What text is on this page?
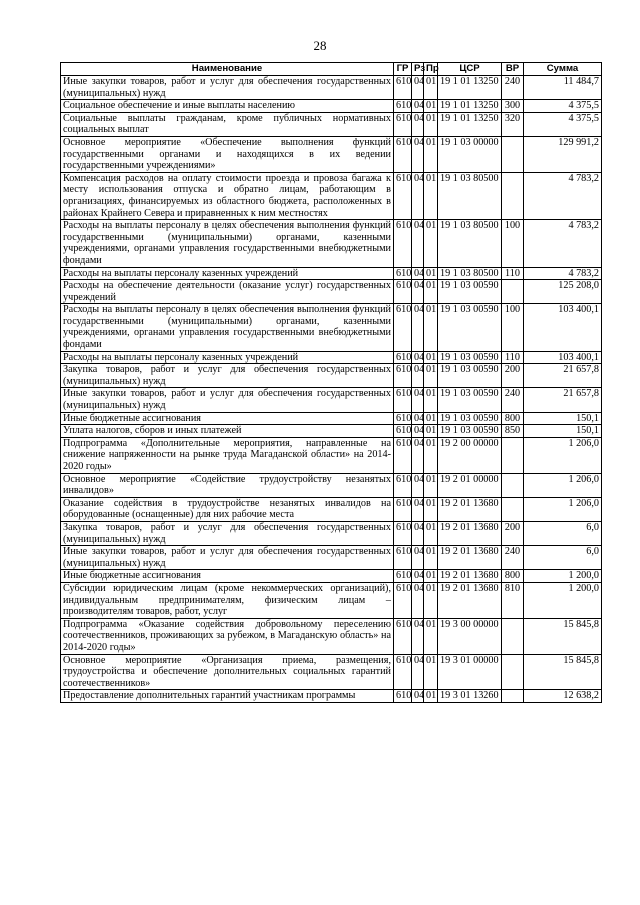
28
Наименование	ГР	Рз	Пр	ЦСР	ВР	Сумма
Иные закупки товаров, работ и услуг для обеспечения государственных (муниципальных) нужд	610	04	01	19 1 01 13250	240	11 484,7
Социальное обеспечение и иные выплаты населению	610	04	01	19 1 01 13250	300	4 375,5
Социальные выплаты гражданам, кроме публичных нормативных социальных выплат	610	04	01	19 1 01 13250	320	4 375,5
Основное мероприятие «Обеспечение выполнения функций государственными органами и находящихся в их ведении государственными учреждениями»	610	04	01	19 1 03 00000		129 991,2
Компенсация расходов на оплату стоимости проезда и провоза багажа к месту использования отпуска и обратно лицам, работающим в организациях, финансируемых из областного бюджета, расположенных в районах Крайнего Севера и приравненных к ним местностях	610	04	01	19 1 03 80500		4 783,2
Расходы на выплаты персоналу в целях обеспечения выполнения функций государственными (муниципальными) органами, казенными учреждениями, органами управления государственными внебюджетными фондами	610	04	01	19 1 03 80500	100	4 783,2
Расходы на выплаты персоналу казенных учреждений	610	04	01	19 1 03 80500	110	4 783,2
Расходы на обеспечение деятельности (оказание услуг) государственных учреждений	610	04	01	19 1 03 00590		125 208,0
Расходы на выплаты персоналу в целях обеспечения выполнения функций государственными (муниципальными) органами, казенными учреждениями, органами управления государственными внебюджетными фондами	610	04	01	19 1 03 00590	100	103 400,1
Расходы на выплаты персоналу казенных учреждений	610	04	01	19 1 03 00590	110	103 400,1
Закупка товаров, работ и услуг для обеспечения государственных (муниципальных) нужд	610	04	01	19 1 03 00590	200	21 657,8
Иные закупки товаров, работ и услуг для обеспечения государственных (муниципальных) нужд	610	04	01	19 1 03 00590	240	21 657,8
Иные бюджетные ассигнования	610	04	01	19 1 03 00590	800	150,1
Уплата налогов, сборов и иных платежей	610	04	01	19 1 03 00590	850	150,1
Подпрограмма «Дополнительные мероприятия, направленные на снижение напряженности на рынке труда Магаданской области» на 2014-2020 годы»	610	04	01	19 2 00 00000		1 206,0
Основное мероприятие «Содействие трудоустройству незанятых инвалидов»	610	04	01	19 2 01 00000		1 206,0
Оказание содействия в трудоустройстве незанятых инвалидов на оборудованные (оснащенные) для них рабочие места	610	04	01	19 2 01 13680		1 206,0
Закупка товаров, работ и услуг для обеспечения государственных (муниципальных) нужд	610	04	01	19 2 01 13680	200	6,0
Иные закупки товаров, работ и услуг для обеспечения государственных (муниципальных) нужд	610	04	01	19 2 01 13680	240	6,0
Иные бюджетные ассигнования	610	04	01	19 2 01 13680	800	1 200,0
Субсидии юридическим лицам (кроме некоммерческих организаций), индивидуальным предпринимателям, физическим лицам – производителям товаров, работ, услуг	610	04	01	19 2 01 13680	810	1 200,0
Подпрограмма «Оказание содействия добровольному переселению соотечественников, проживающих за рубежом, в Магаданскую область» на 2014-2020 годы»	610	04	01	19 3 00 00000		15 845,8
Основное мероприятие «Организация приема, размещения, трудоустройства и обеспечение дополнительных социальных гарантий соотечественников»	610	04	01	19 3 01 00000		15 845,8
Предоставление дополнительных гарантий участникам программы	610	04	01	19 3 01 13260		12 638,2
